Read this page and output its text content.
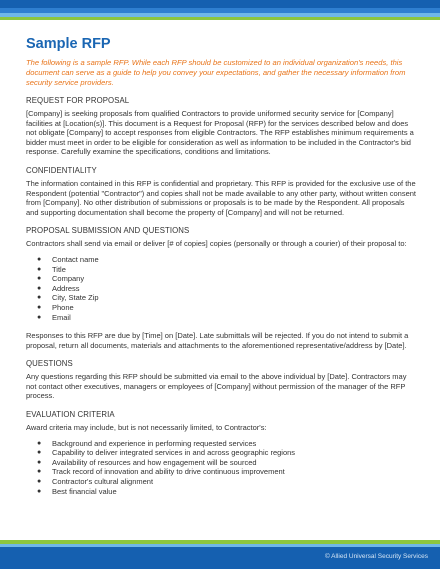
Sample RFP

The following is a sample RFP. While each RFP should be customized to an individual organization's needs, this document can serve as a guide to help you convey your expectations, and gather the necessary information from security service providers.

REQUEST FOR PROPOSAL

[Company] is seeking proposals from qualified Contractors to provide uniformed security service for [Company] facilities at [Location(s)]. This document is a Request for Proposal (RFP) for the services described below and does not obligate [Company] to accept responses from eligible Contractors. The RFP establishes minimum requirements a bidder must meet in order to be eligible for consideration as well as information to be included in the Contractor's bid response. Carefully examine the specifications, conditions and limitations.

CONFIDENTIALITY

The information contained in this RFP is confidential and proprietary. This RFP is provided for the exclusive use of the Respondent (potential "Contractor") and copies shall not be made available to any other party, without written consent from [Company]. No other distribution of submissions or proposals is to be made by the Respondent. All proposals and supporting documentation shall become the property of [Company] and will not be returned.

PROPOSAL SUBMISSION AND QUESTIONS

Contractors shall send via email or deliver [# of copies] copies (personally or through a courier) of their proposal to:

● Contact name
● Title
● Company
● Address
● City, State Zip
● Phone
● Email

Responses to this RFP are due by [Time] on [Date]. Late submittals will be rejected. If you do not intend to submit a proposal, return all documents, materials and attachments to the aforementioned representative/address by [Date].

QUESTIONS

Any questions regarding this RFP should be submitted via email to the above individual by [Date]. Contractors may not contact other executives, managers or employees of [Company] without permission of the manager of the RFP process.

EVALUATION CRITERIA

Award criteria may include, but is not necessarily limited, to Contractor's:

● Background and experience in performing requested services
● Capability to deliver integrated services in and across geographic regions
● Availability of resources and how engagement will be sourced
● Track record of innovation and ability to drive continuous improvement
● Contractor's cultural alignment
● Best financial value
© Allied Universal Security Services
